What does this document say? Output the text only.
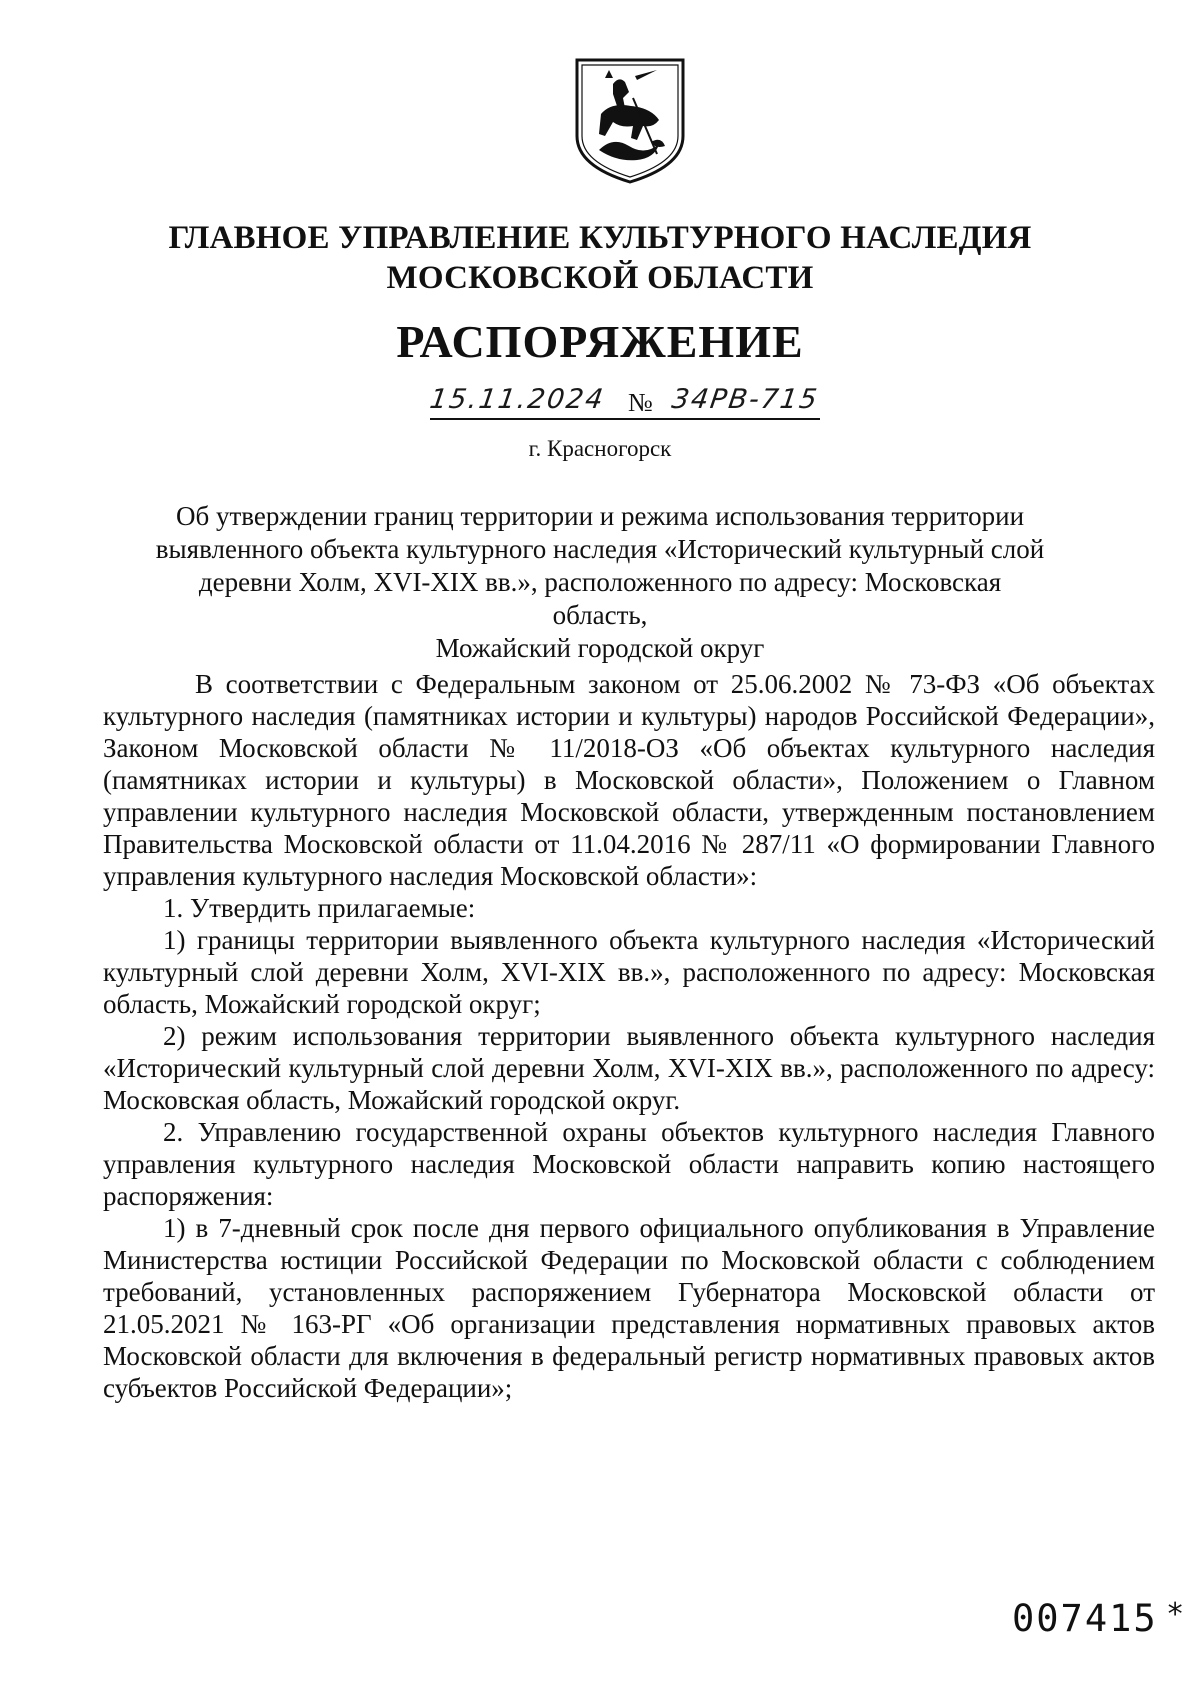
ГЛАВНОЕ УПРАВЛЕНИЕ КУЛЬТУРНОГО НАСЛЕДИЯ
МОСКОВСКОЙ ОБЛАСТИ
РАСПОРЯЖЕНИЕ
15.11.2024 № 34РВ-715
г. Красногорск
Об утверждении границ территории и режима использования территории
выявленного объекта культурного наследия «Исторический культурный слой
деревни Холм, XVI-XIX вв.», расположенного по адресу: Московская область,
Можайский городской округ

В соответствии с Федеральным законом от 25.06.2002 № 73-ФЗ «Об объектах культурного наследия (памятниках истории и культуры) народов Российской Федерации», Законом Московской области № 11/2018-ОЗ «Об объектах культурного наследия (памятниках истории и культуры) в Московской области», Положением о Главном управлении культурного наследия Московской области, утвержденным постановлением Правительства Московской области от 11.04.2016 № 287/11 «О формировании Главного управления культурного наследия Московской области»:

1. Утвердить прилагаемые:

1) границы территории выявленного объекта культурного наследия «Исторический культурный слой деревни Холм, XVI-XIX вв.», расположенного по адресу: Московская область, Можайский городской округ;

2) режим использования территории выявленного объекта культурного наследия «Исторический культурный слой деревни Холм, XVI-XIX вв.», расположенного по адресу: Московская область, Можайский городской округ.

2. Управлению государственной охраны объектов культурного наследия Главного управления культурного наследия Московской области направить копию настоящего распоряжения:

1) в 7-дневный срок после дня первого официального опубликования в Управление Министерства юстиции Российской Федерации по Московской области с соблюдением требований, установленных распоряжением Губернатора Московской области от 21.05.2021 № 163-РГ «Об организации представления нормативных правовых актов Московской области для включения в федеральный регистр нормативных правовых актов субъектов Российской Федерации»;

007415 *
